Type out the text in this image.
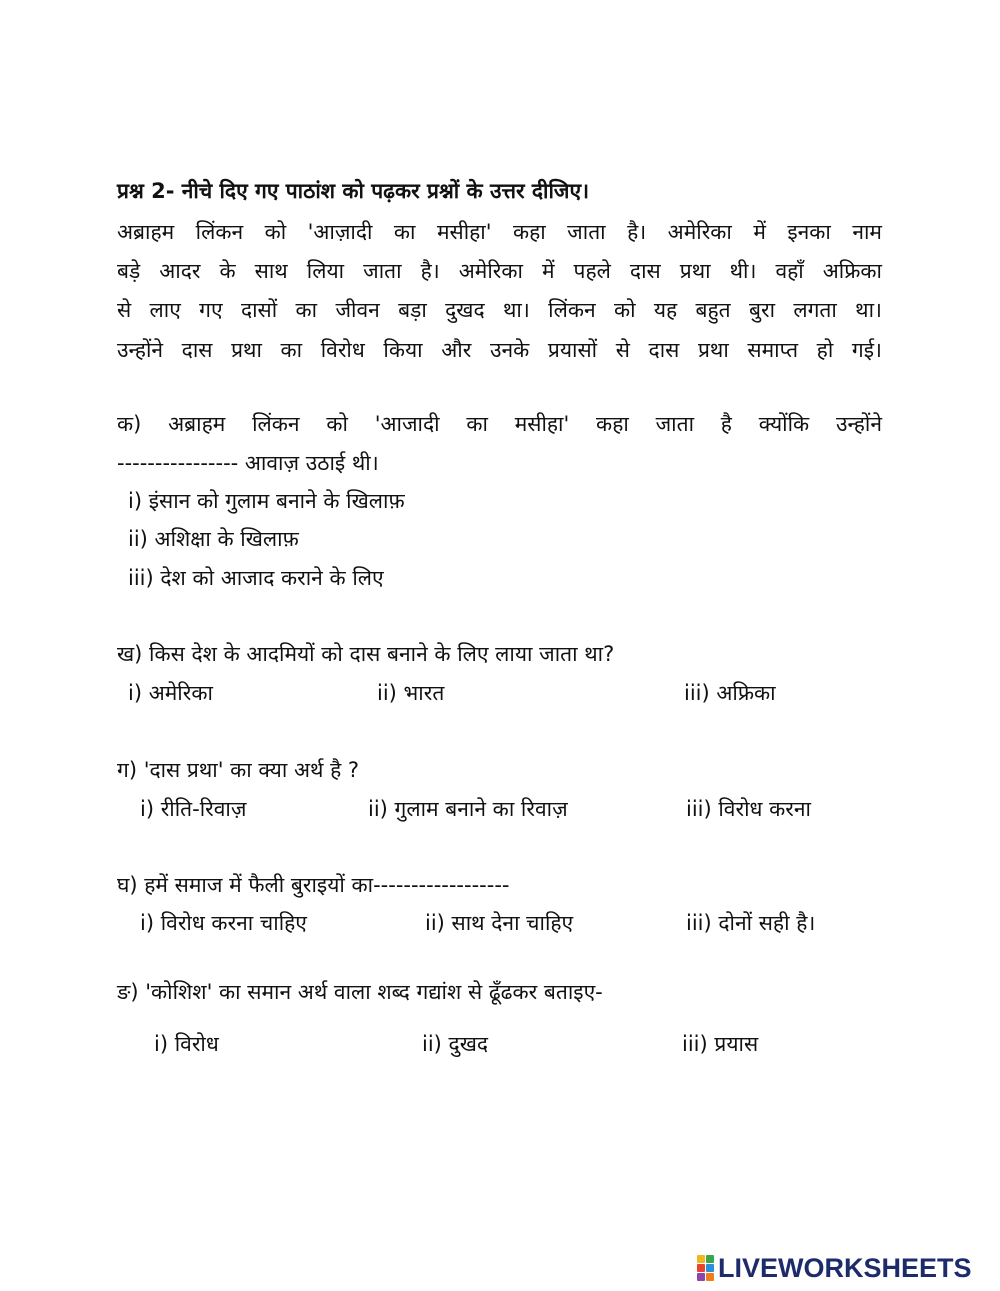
प्रश्न 2- नीचे दिए गए पाठांश को पढ़कर प्रश्नों के उत्तर दीजिए।
अब्राहम लिंकन को 'आज़ादी का मसीहा' कहा जाता है। अमेरिका में इनका नाम
बड़े आदर के साथ लिया जाता है। अमेरिका में पहले दास प्रथा थी। वहाँ अफ्रिका
से लाए गए दासों का जीवन बड़ा दुखद था। लिंकन को यह बहुत बुरा लगता था।
उन्होंने दास प्रथा का विरोध किया और उनके प्रयासों से दास प्रथा समाप्त हो गई।
क) अब्राहम लिंकन को 'आजादी का मसीहा' कहा जाता है क्योंकि उन्होंने
---------------- आवाज़ उठाई थी।
i) इंसान को गुलाम बनाने के खिलाफ़
ii) अशिक्षा के खिलाफ़
iii) देश को आजाद कराने के लिए
ख) किस देश के आदमियों को दास बनाने के लिए लाया जाता था?
i) अमेरिका	ii) भारत	iii) अफ्रिका
ग) 'दास प्रथा' का क्या अर्थ है ?
i) रीति-रिवाज़	ii) गुलाम बनाने का रिवाज़	iii) विरोध करना
घ) हमें समाज में फैली बुराइयों का------------------
i) विरोध करना चाहिए	ii) साथ देना चाहिए	iii) दोनों सही है।
ङ) 'कोशिश' का समान अर्थ वाला शब्द गद्यांश से ढूँढकर बताइए-
i) विरोध	ii) दुखद	iii) प्रयास
LIVEWORKSHEETS
